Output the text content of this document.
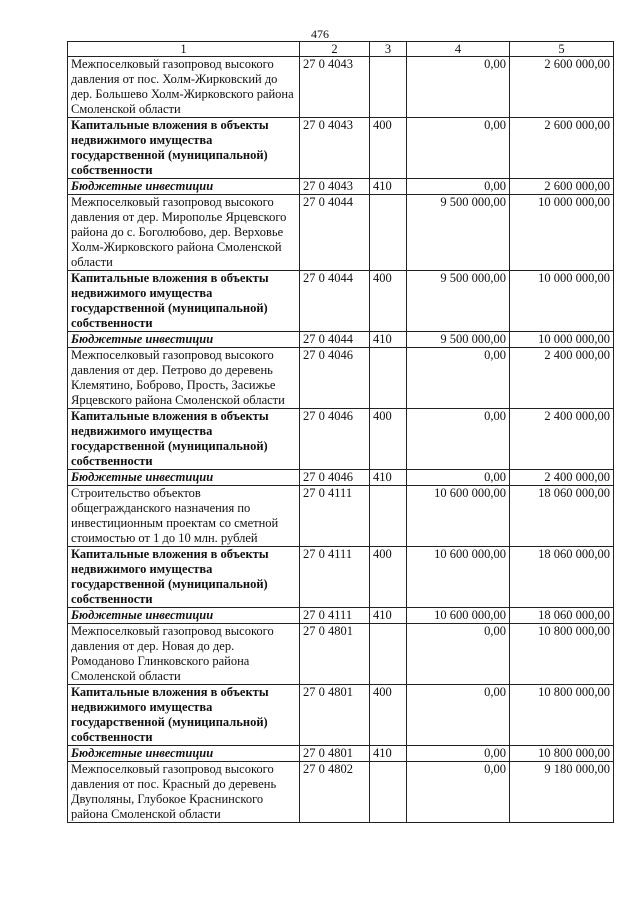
476
1	2	3	4	5
Межпоселковый газопровод высокого давления от пос. Холм-Жирковский до дер. Большево Холм-Жирковского района Смоленской области	27 0 4043		0,00	2 600 000,00
Капитальные вложения в объекты недвижимого имущества государственной (муниципальной) собственности	27 0 4043	400	0,00	2 600 000,00
Бюджетные инвестиции	27 0 4043	410	0,00	2 600 000,00
Межпоселковый газопровод высокого давления от дер. Мирополье Ярцевского района до с. Боголюбово, дер. Верховье Холм-Жирковского района Смоленской области	27 0 4044		9 500 000,00	10 000 000,00
Капитальные вложения в объекты недвижимого имущества государственной (муниципальной) собственности	27 0 4044	400	9 500 000,00	10 000 000,00
Бюджетные инвестиции	27 0 4044	410	9 500 000,00	10 000 000,00
Межпоселковый газопровод высокого давления от дер. Петрово до деревень Клемятино, Боброво, Прость, Засижье Ярцевского района Смоленской области	27 0 4046		0,00	2 400 000,00
Капитальные вложения в объекты недвижимого имущества государственной (муниципальной) собственности	27 0 4046	400	0,00	2 400 000,00
Бюджетные инвестиции	27 0 4046	410	0,00	2 400 000,00
Строительство объектов общегражданского назначения по инвестиционным проектам со сметной стоимостью от 1 до 10 млн. рублей	27 0 4111		10 600 000,00	18 060 000,00
Капитальные вложения в объекты недвижимого имущества государственной (муниципальной) собственности	27 0 4111	400	10 600 000,00	18 060 000,00
Бюджетные инвестиции	27 0 4111	410	10 600 000,00	18 060 000,00
Межпоселковый газопровод высокого давления от дер. Новая до дер. Ромоданово Глинковского района Смоленской области	27 0 4801		0,00	10 800 000,00
Капитальные вложения в объекты недвижимого имущества государственной (муниципальной) собственности	27 0 4801	400	0,00	10 800 000,00
Бюджетные инвестиции	27 0 4801	410	0,00	10 800 000,00
Межпоселковый газопровод высокого давления от пос. Красный до деревень Двуполяны, Глубокое Краснинского района Смоленской области	27 0 4802		0,00	9 180 000,00
